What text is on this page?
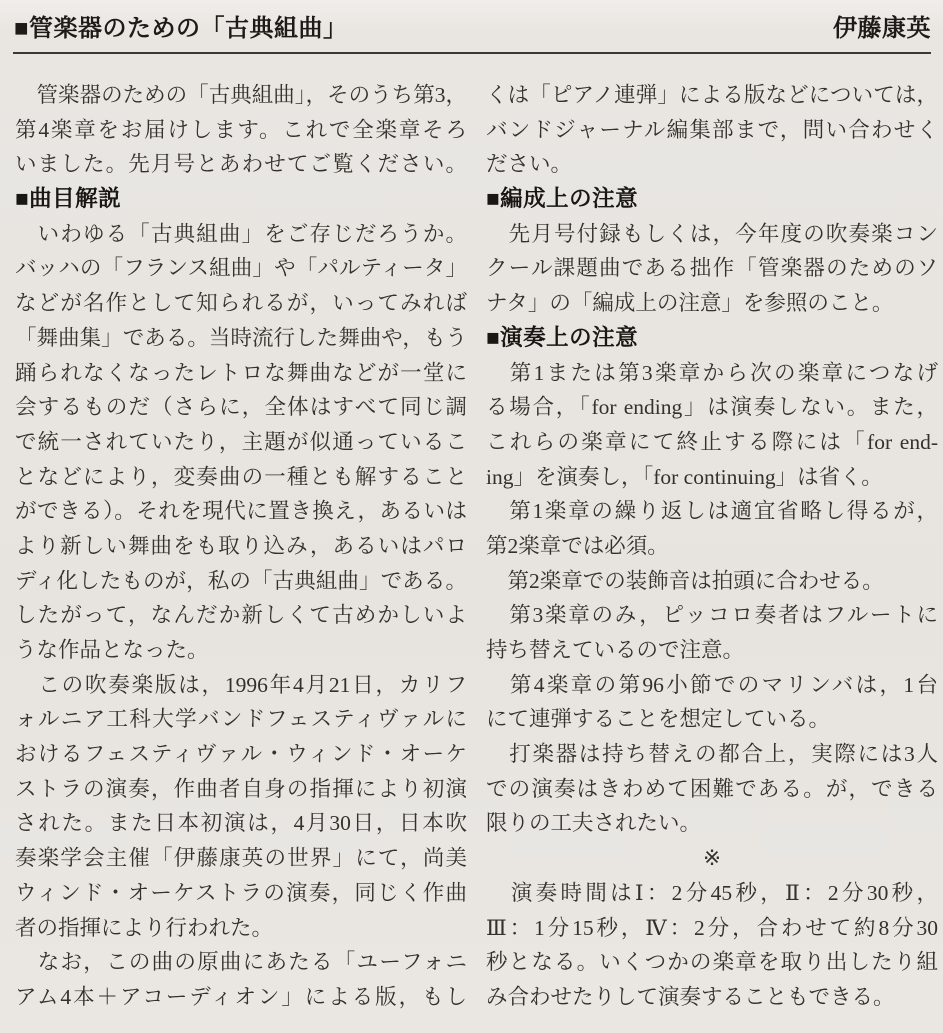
■管楽器のための「古典組曲」	伊藤康英
　管楽器のための「古典組曲」，そのうち第3，
第4楽章をお届けします。これで全楽章そろ
いました。先月号とあわせてご覧ください。
■曲目解説
　いわゆる「古典組曲」をご存じだろうか。
バッハの「フランス組曲」や「パルティータ」
などが名作として知られるが，いってみれば
「舞曲集」である。当時流行した舞曲や，もう
踊られなくなったレトロな舞曲などが一堂に
会するものだ（さらに，全体はすべて同じ調
で統一されていたり，主題が似通っているこ
となどにより，変奏曲の一種とも解すること
ができる）。それを現代に置き換え，あるいは
より新しい舞曲をも取り込み，あるいはパロ
ディ化したものが，私の「古典組曲」である。
したがって，なんだか新しくて古めかしいよ
うな作品となった。
　この吹奏楽版は，1996年4月21日，カリフ
ォルニア工科大学バンドフェスティヴァルに
おけるフェスティヴァル・ウィンド・オーケ
ストラの演奏，作曲者自身の指揮により初演
された。また日本初演は，4月30日，日本吹
奏楽学会主催「伊藤康英の世界」にて，尚美
ウィンド・オーケストラの演奏，同じく作曲
者の指揮により行われた。
　なお，この曲の原曲にあたる「ユーフォニ
アム4本＋アコーディオン」による版，もし
くは「ピアノ連弾」による版などについては，
バンドジャーナル編集部まで，問い合わせく
ださい。
■編成上の注意
　先月号付録もしくは，今年度の吹奏楽コン
クール課題曲である拙作「管楽器のためのソ
ナタ」の「編成上の注意」を参照のこと。
■演奏上の注意
　第1または第3楽章から次の楽章につなげ
る場合，「for ending」は演奏しない。また，
これらの楽章にて終止する際には「for end-
ing」を演奏し，「for continuing」は省く。
　第1楽章の繰り返しは適宜省略し得るが，
第2楽章では必須。
　第2楽章での装飾音は拍頭に合わせる。
　第3楽章のみ，ピッコロ奏者はフルートに
持ち替えているので注意。
　第4楽章の第96小節でのマリンバは，1台
にて連弾することを想定している。
　打楽器は持ち替えの都合上，実際には3人
での演奏はきわめて困難である。が，できる
限りの工夫されたい。
※
　演奏時間はⅠ：2分45秒，Ⅱ：2分30秒，
Ⅲ：1分15秒，Ⅳ：2分，合わせて約8分30
秒となる。いくつかの楽章を取り出したり組
み合わせたりして演奏することもできる。
